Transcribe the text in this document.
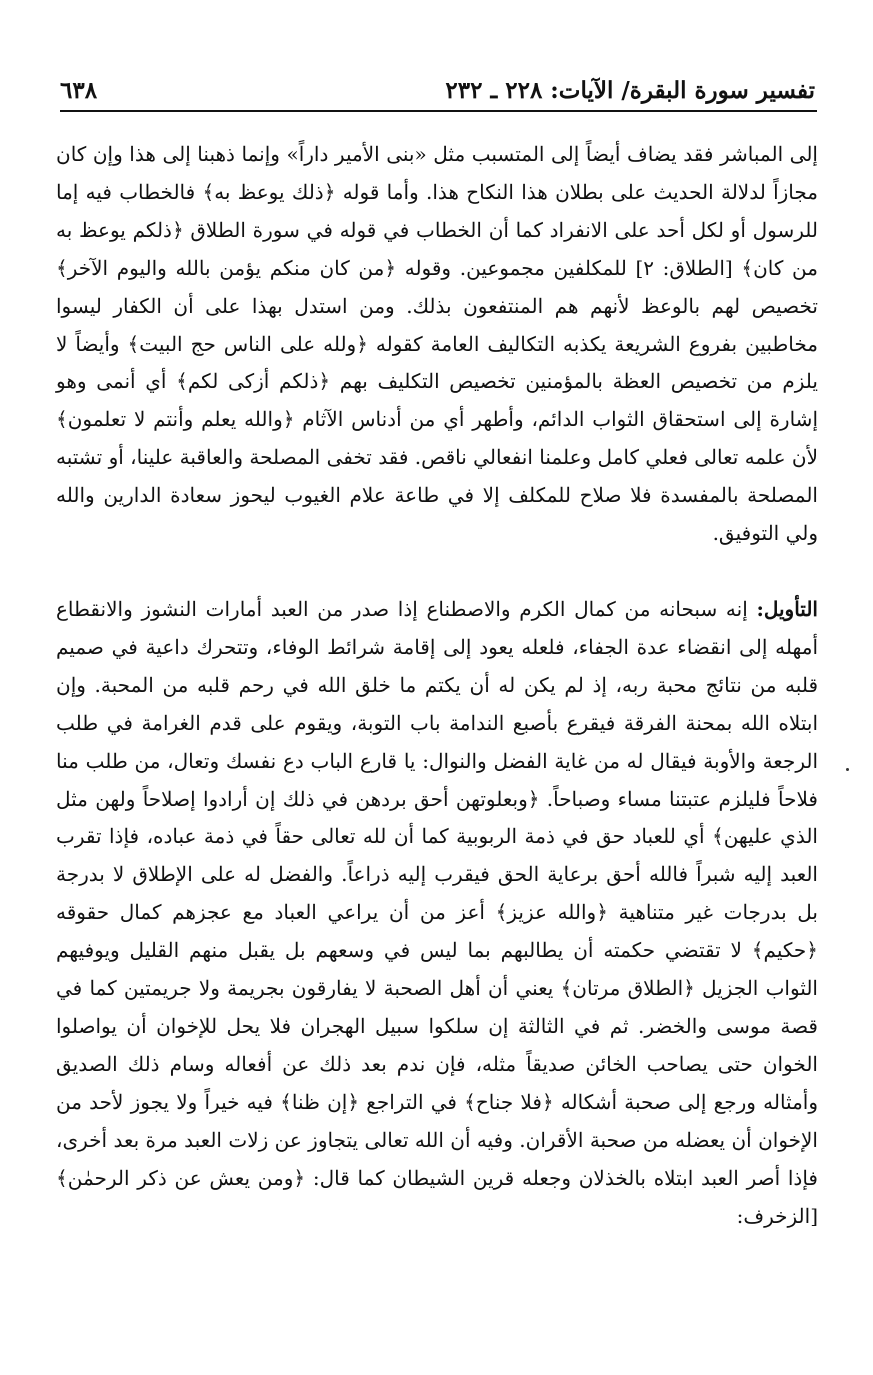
تفسير سورة البقرة/ الآيات: ٢٢٨ ـ ٢٣٢
٦٣٨

إلى المباشر فقد يضاف أيضاً إلى المتسبب مثل «بنى الأمير داراً» وإنما ذهبنا إلى هذا وإن كان مجازاً لدلالة الحديث على بطلان هذا النكاح هذا. وأما قوله ﴿ذلك يوعظ به﴾ فالخطاب فيه إما للرسول أو لكل أحد على الانفراد كما أن الخطاب في قوله في سورة الطلاق ﴿ذلكم يوعظ به من كان﴾ [الطلاق: ٢] للمكلفين مجموعين. وقوله ﴿من كان منكم يؤمن بالله واليوم الآخر﴾ تخصيص لهم بالوعظ لأنهم هم المنتفعون بذلك. ومن استدل بهذا على أن الكفار ليسوا مخاطبين بفروع الشريعة يكذبه التكاليف العامة كقوله ﴿ولله على الناس حج البيت﴾ وأيضاً لا يلزم من تخصيص العظة بالمؤمنين تخصيص التكليف بهم ﴿ذلكم أزكى لكم﴾ أي أنمى وهو إشارة إلى استحقاق الثواب الدائم، وأطهر أي من أدناس الآثام ﴿والله يعلم وأنتم لا تعلمون﴾ لأن علمه تعالى فعلي كامل وعلمنا انفعالي ناقص. فقد تخفى المصلحة والعاقبة علينا، أو تشتبه المصلحة بالمفسدة فلا صلاح للمكلف إلا في طاعة علام الغيوب ليحوز سعادة الدارين والله ولي التوفيق.

التأويل: إنه سبحانه من كمال الكرم والاصطناع إذا صدر من العبد أمارات النشوز والانقطاع أمهله إلى انقضاء عدة الجفاء، فلعله يعود إلى إقامة شرائط الوفاء، وتتحرك داعية في صميم قلبه من نتائج محبة ربه، إذ لم يكن له أن يكتم ما خلق الله في رحم قلبه من المحبة. وإن ابتلاه الله بمحنة الفرقة فيقرع بأصبع الندامة باب التوبة، ويقوم على قدم الغرامة في طلب الرجعة والأوبة فيقال له من غاية الفضل والنوال: يا قارع الباب دع نفسك وتعال، من طلب منا فلاحاً فليلزم عتبتنا مساء وصباحاً. ﴿وبعلوتهن أحق بردهن في ذلك إن أرادوا إصلاحاً ولهن مثل الذي عليهن﴾ أي للعباد حق في ذمة الربوبية كما أن لله تعالى حقاً في ذمة عباده، فإذا تقرب العبد إليه شبراً فالله أحق برعاية الحق فيقرب إليه ذراعاً. والفضل له على الإطلاق لا بدرجة بل بدرجات غير متناهية ﴿والله عزيز﴾ أعز من أن يراعي العباد مع عجزهم كمال حقوقه ﴿حكيم﴾ لا تقتضي حكمته أن يطالبهم بما ليس في وسعهم بل يقبل منهم القليل ويوفيهم الثواب الجزيل ﴿الطلاق مرتان﴾ يعني أن أهل الصحبة لا يفارقون بجريمة ولا جريمتين كما في قصة موسى والخضر. ثم في الثالثة إن سلكوا سبيل الهجران فلا يحل للإخوان أن يواصلوا الخوان حتى يصاحب الخائن صديقاً مثله، فإن ندم بعد ذلك عن أفعاله وسام ذلك الصديق وأمثاله ورجع إلى صحبة أشكاله ﴿فلا جناح﴾ في التراجع ﴿إن ظنا﴾ فيه خيراً ولا يجوز لأحد من الإخوان أن يعضله من صحبة الأقران. وفيه أن الله تعالى يتجاوز عن زلات العبد مرة بعد أخرى، فإذا أصر العبد ابتلاه بالخذلان وجعله قرين الشيطان كما قال: ﴿ومن يعش عن ذكر الرحمٰن﴾ [الزخرف:
